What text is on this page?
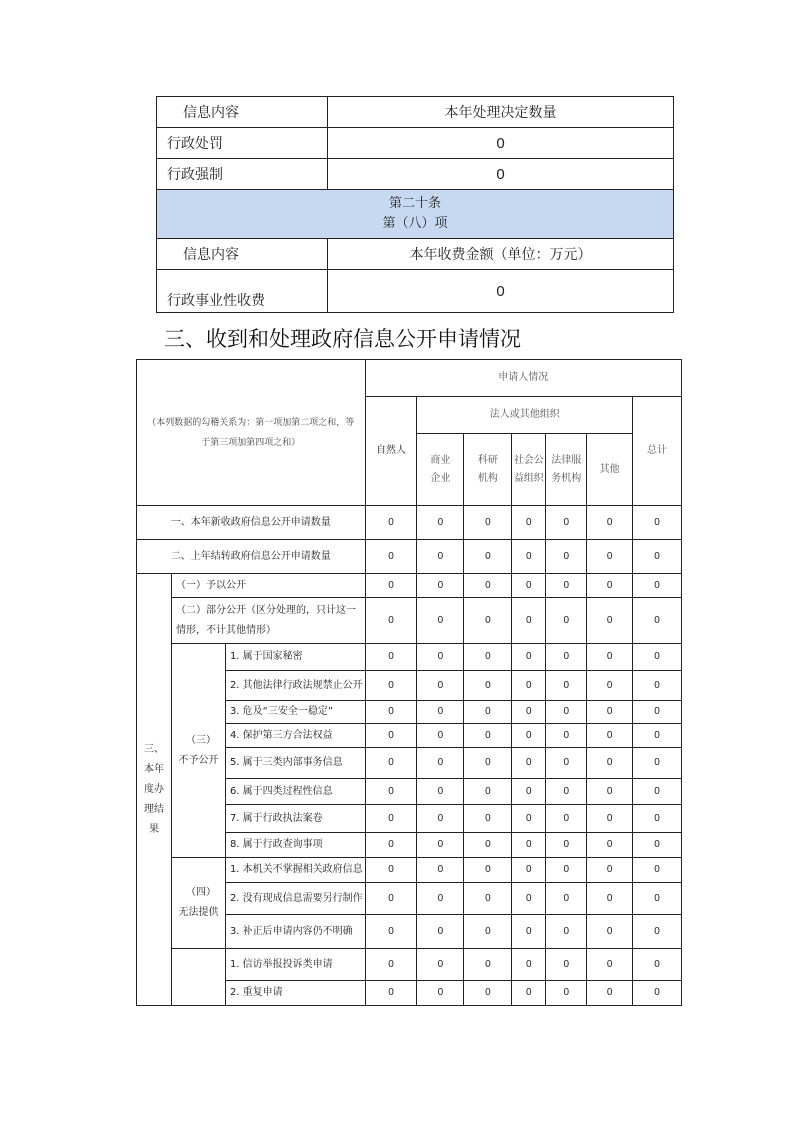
信息内容	本年处理决定数量
行政处罚	0
行政强制	0

第二十条
第（八）项	

信息内容	本年收费金额（单位：万元）
行政事业性收费	0
三、收到和处理政府信息公开申请情况
（本列数据的勾稽关系为：第一项加第二项之和，等于第三项加第四项之和）			申请人情况						
			自然人	法人或其他组织					总计
				商业企业	科研机构	社会公益组织	法律服务机构	其他	
一、本年新收政府信息公开申请数量			0	0	0	0	0	0	0
二、上年结转政府信息公开申请数量			0	0	0	0	0	0	0
三、本年度办理结果	（一）予以公开		0	0	0	0	0	0	0
	（二）部分公开（区分处理的，只计这一情形，不计其他情形）		0	0	0	0	0	0	0
	（三）　不予公开	1. 属于国家秘密	0	0	0	0	0	0	0
		2. 其他法律行政法规禁止公开	0	0	0	0	0	0	0
		3. 危及“三安全一稳定”	0	0	0	0	0	0	0
		4. 保护第三方合法权益	0	0	0	0	0	0	0
		5. 属于三类内部事务信息	0	0	0	0	0	0	0
		6. 属于四类过程性信息	0	0	0	0	0	0	0
		7. 属于行政执法案卷	0	0	0	0	0	0	0
		8. 属于行政查询事项	0	0	0	0	0	0	0
	（四）　无法提供	1. 本机关不掌握相关政府信息	0	0	0	0	0	0	0
		2. 没有现成信息需要另行制作	0	0	0	0	0	0	0
		3. 补正后申请内容仍不明确	0	0	0	0	0	0	0
		1. 信访举报投诉类申请	0	0	0	0	0	0	0
		2. 重复申请	0	0	0	0	0	0	0
